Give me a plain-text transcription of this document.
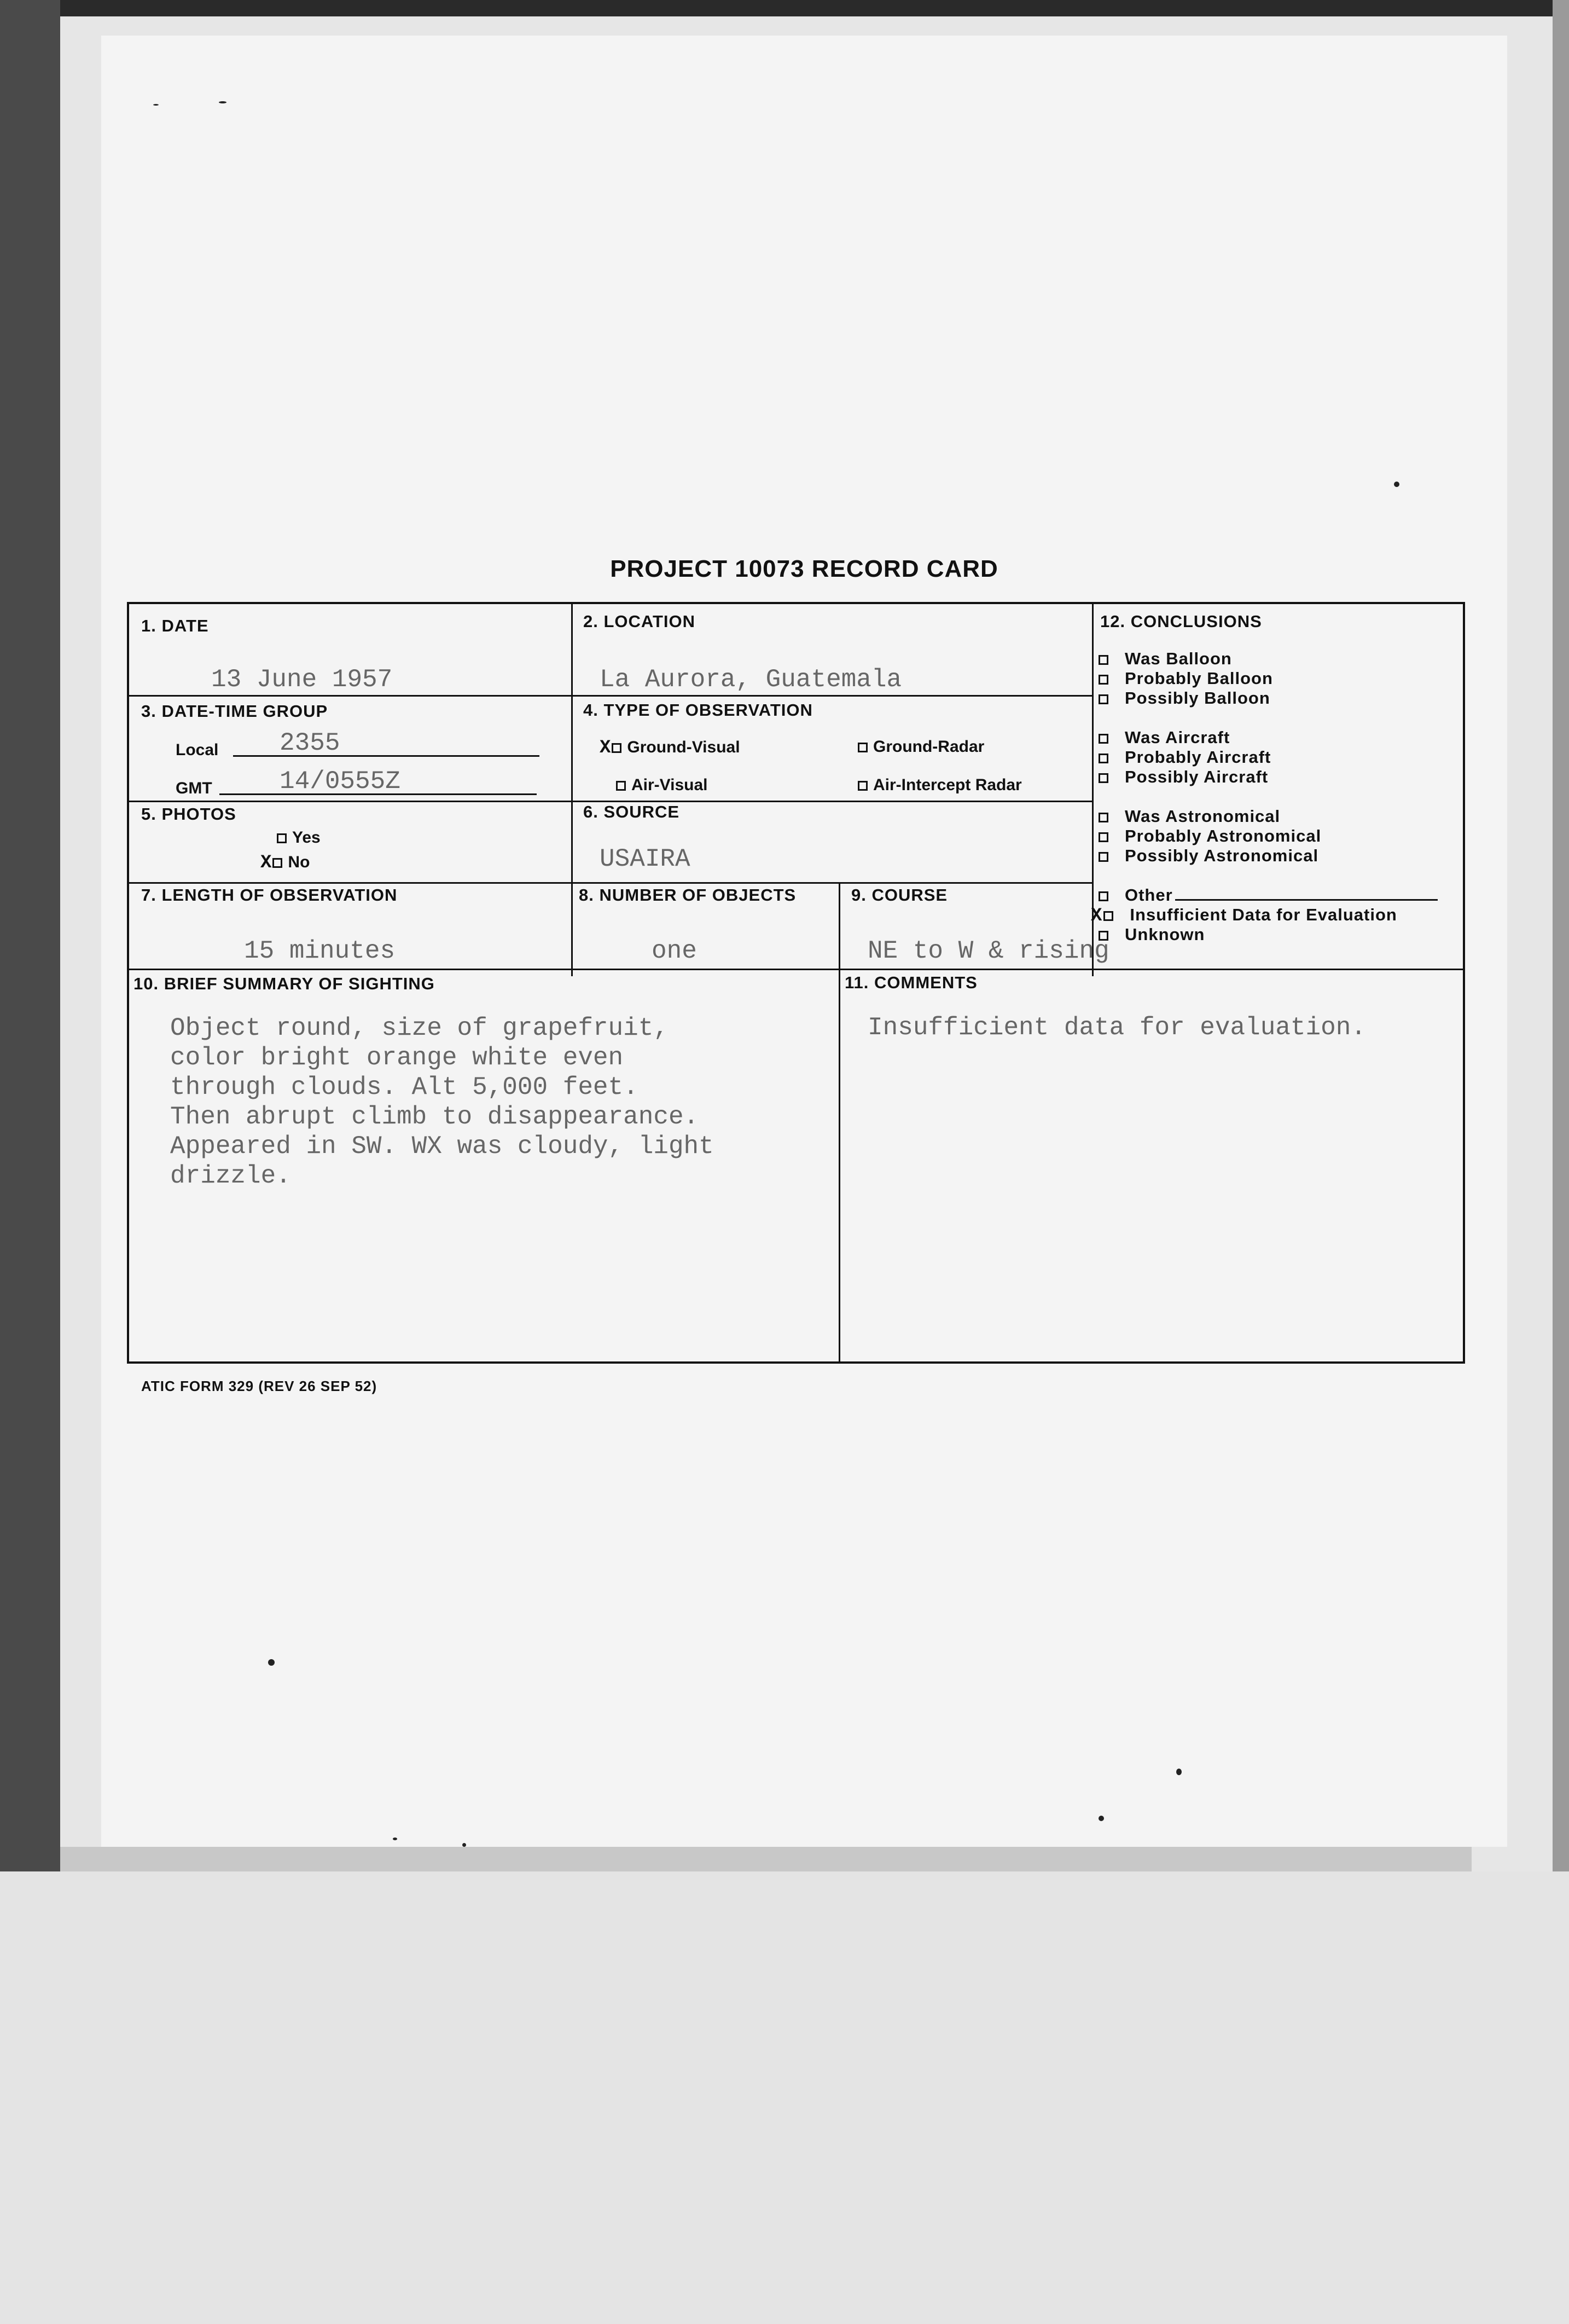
PROJECT 10073 RECORD CARD
1. DATE
13 June 1957
2. LOCATION
La Aurora, Guatemala
3. DATE-TIME GROUP
Local 2355
GMT	14/0555Z
4. TYPE OF OBSERVATION
X Ground-Visual	Ground-Radar
Air-Visual	Air-Intercept Radar
5. PHOTOS
Yes
X No
6. SOURCE
USAIRA
7. LENGTH OF OBSERVATION
15 minutes
8. NUMBER OF OBJECTS
one
9. COURSE
NE to W & rising
10. BRIEF SUMMARY OF SIGHTING
Object round, size of grapefruit,
color bright orange white even
through clouds. Alt 5,000 feet.
Then abrupt climb to disappearance.
Appeared in SW. WX was cloudy, light
drizzle.
11. COMMENTS
Insufficient data for evaluation.
12. CONCLUSIONS
Was Balloon
Probably Balloon
Possibly Balloon
Was Aircraft
Probably Aircraft
Possibly Aircraft
Was Astronomical
Probably Astronomical
Possibly Astronomical
Other
X Insufficient Data for Evaluation
Unknown
ATIC FORM 329 (REV 26 SEP 52)
